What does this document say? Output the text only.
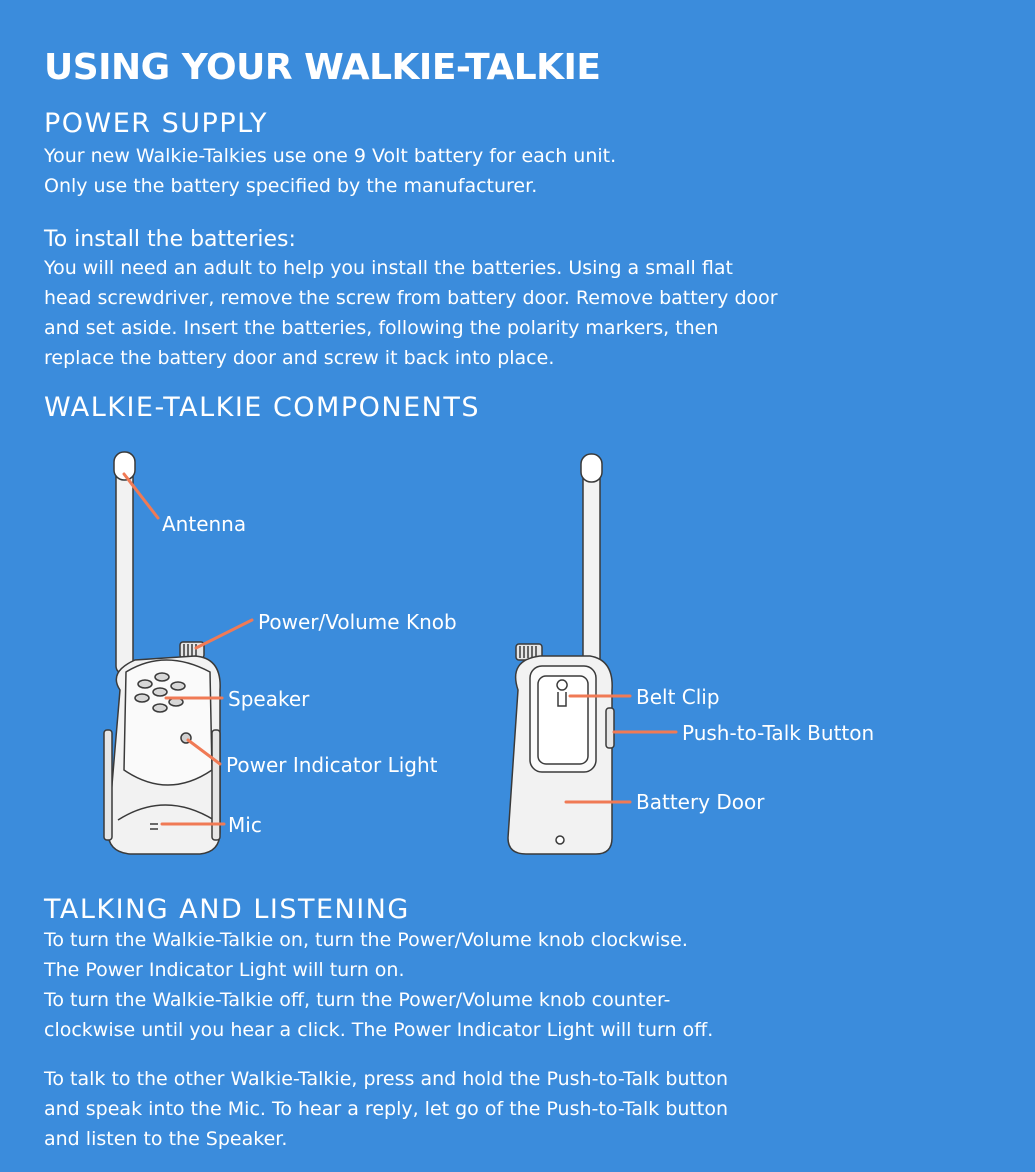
USING YOUR WALKIE-TALKIE
POWER SUPPLY
Your new Walkie-Talkies use one 9 Volt battery for each unit.
Only use the battery specified by the manufacturer.
To install the batteries:
You will need an adult to help you install the batteries. Using a small flat
head screwdriver, remove the screw from battery door. Remove battery door
and set aside. Insert the batteries, following the polarity markers, then
replace the battery door and screw it back into place.
WALKIE-TALKIE COMPONENTS
Antenna
Power/Volume Knob
Speaker
Power Indicator Light
Mic
Belt Clip
Push-to-Talk Button
Battery Door
TALKING AND LISTENING
To turn the Walkie-Talkie on, turn the Power/Volume knob clockwise.
The Power Indicator Light will turn on.
To turn the Walkie-Talkie off, turn the Power/Volume knob counter-
clockwise until you hear a click. The Power Indicator Light will turn off.
To talk to the other Walkie-Talkie, press and hold the Push-to-Talk button
and speak into the Mic. To hear a reply, let go of the Push-to-Talk button
and listen to the Speaker.
